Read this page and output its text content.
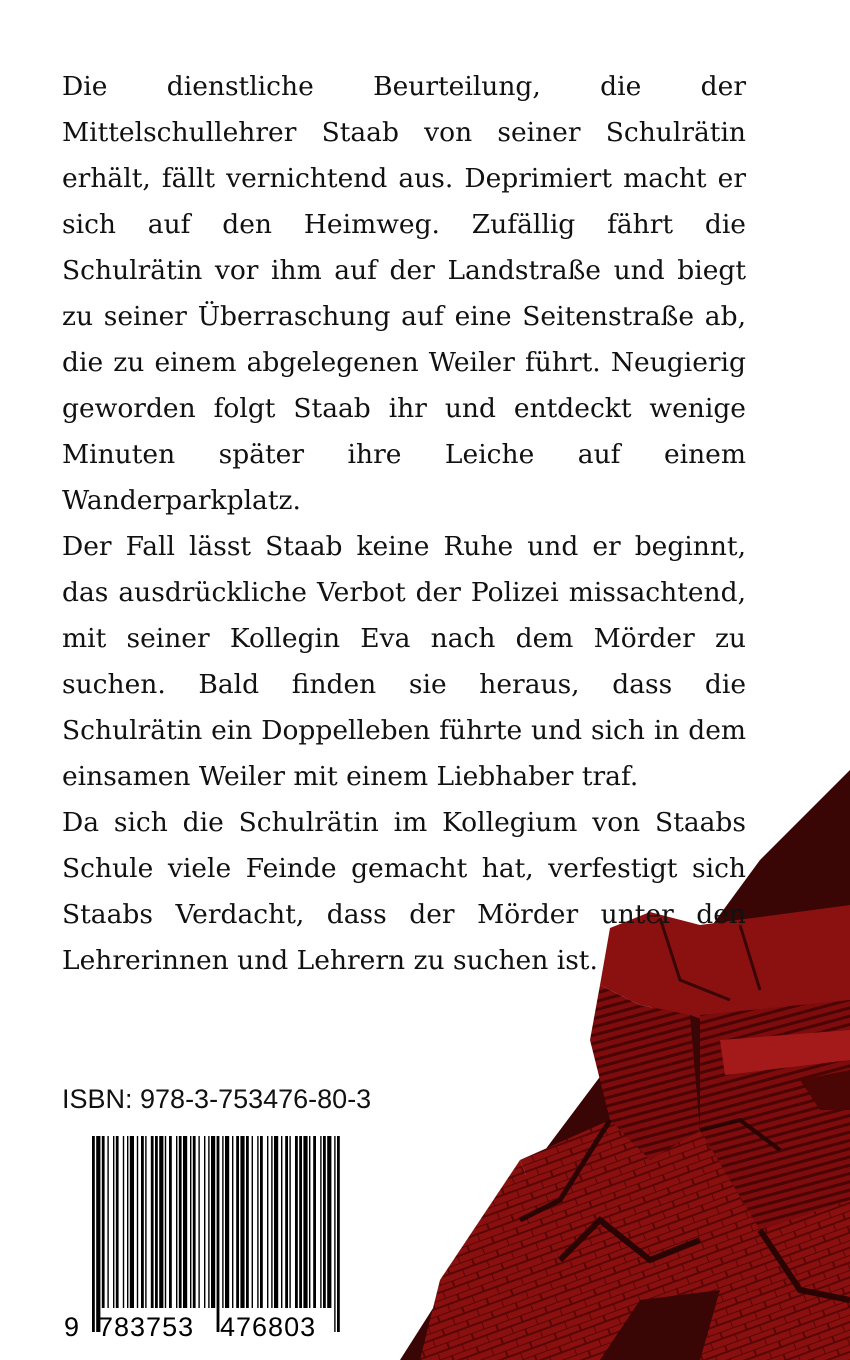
Die dienstliche Beurteilung, die der Mittelschullehrer Staab von seiner Schulrätin erhält, fällt vernichtend aus. Deprimiert macht er sich auf den Heimweg. Zufällig fährt die Schulrätin vor ihm auf der Landstraße und biegt zu seiner Überraschung auf eine Seitenstraße ab, die zu einem abgelegenen Weiler führt. Neugierig geworden folgt Staab ihr und entdeckt wenige Minuten später ihre Leiche auf einem Wanderparkplatz.

Der Fall lässt Staab keine Ruhe und er beginnt, das ausdrückliche Verbot der Polizei missachtend, mit seiner Kollegin Eva nach dem Mörder zu suchen. Bald finden sie heraus, dass die Schulrätin ein Doppelleben führte und sich in dem einsamen Weiler mit einem Liebhaber traf.

Da sich die Schulrätin im Kollegium von Staabs Schule viele Feinde gemacht hat, verfestigt sich Staabs Verdacht, dass der Mörder unter den Lehrerinnen und Lehrern zu suchen ist.

ISBN: 978-3-753476-80-3
9 783753 476803
